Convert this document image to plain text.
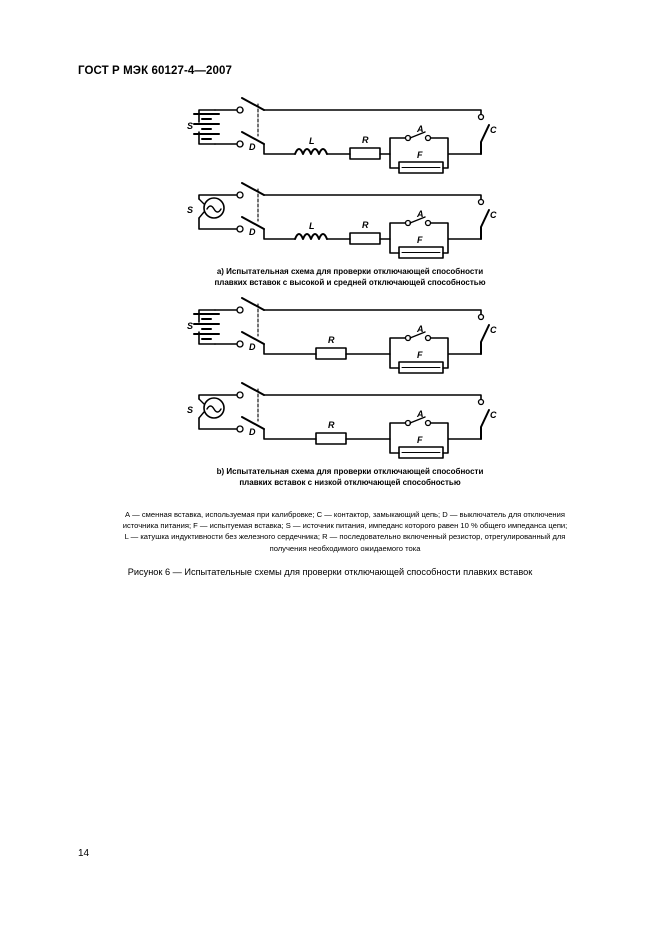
ГОСТ Р МЭК 60127-4—2007
S
D
L	R
A
F
C
S
D
L	R
A
F
C
a) Испытательная схема для проверки отключающей способности
плавких вставок с высокой и средней отключающей способностью
S
D
R
A
F
C
S
D
R
A
F
C
b) Испытательная схема для проверки отключающей способности
плавких вставок с низкой отключающей способностью
А — сменная вставка, используемая при калибровке; С — контактор, замыкающий цепь; D — выключатель для отключения
источника питания; F — испытуемая вставка; S — источник питания, импеданс которого равен 10 % общего импеданса цепи;
L — катушка индуктивности без железного сердечника; R — последовательно включенный резистор, отрегулированный для
получения необходимого ожидаемого тока
Рисунок 6 — Испытательные схемы для проверки отключающей способности плавких вставок
14
